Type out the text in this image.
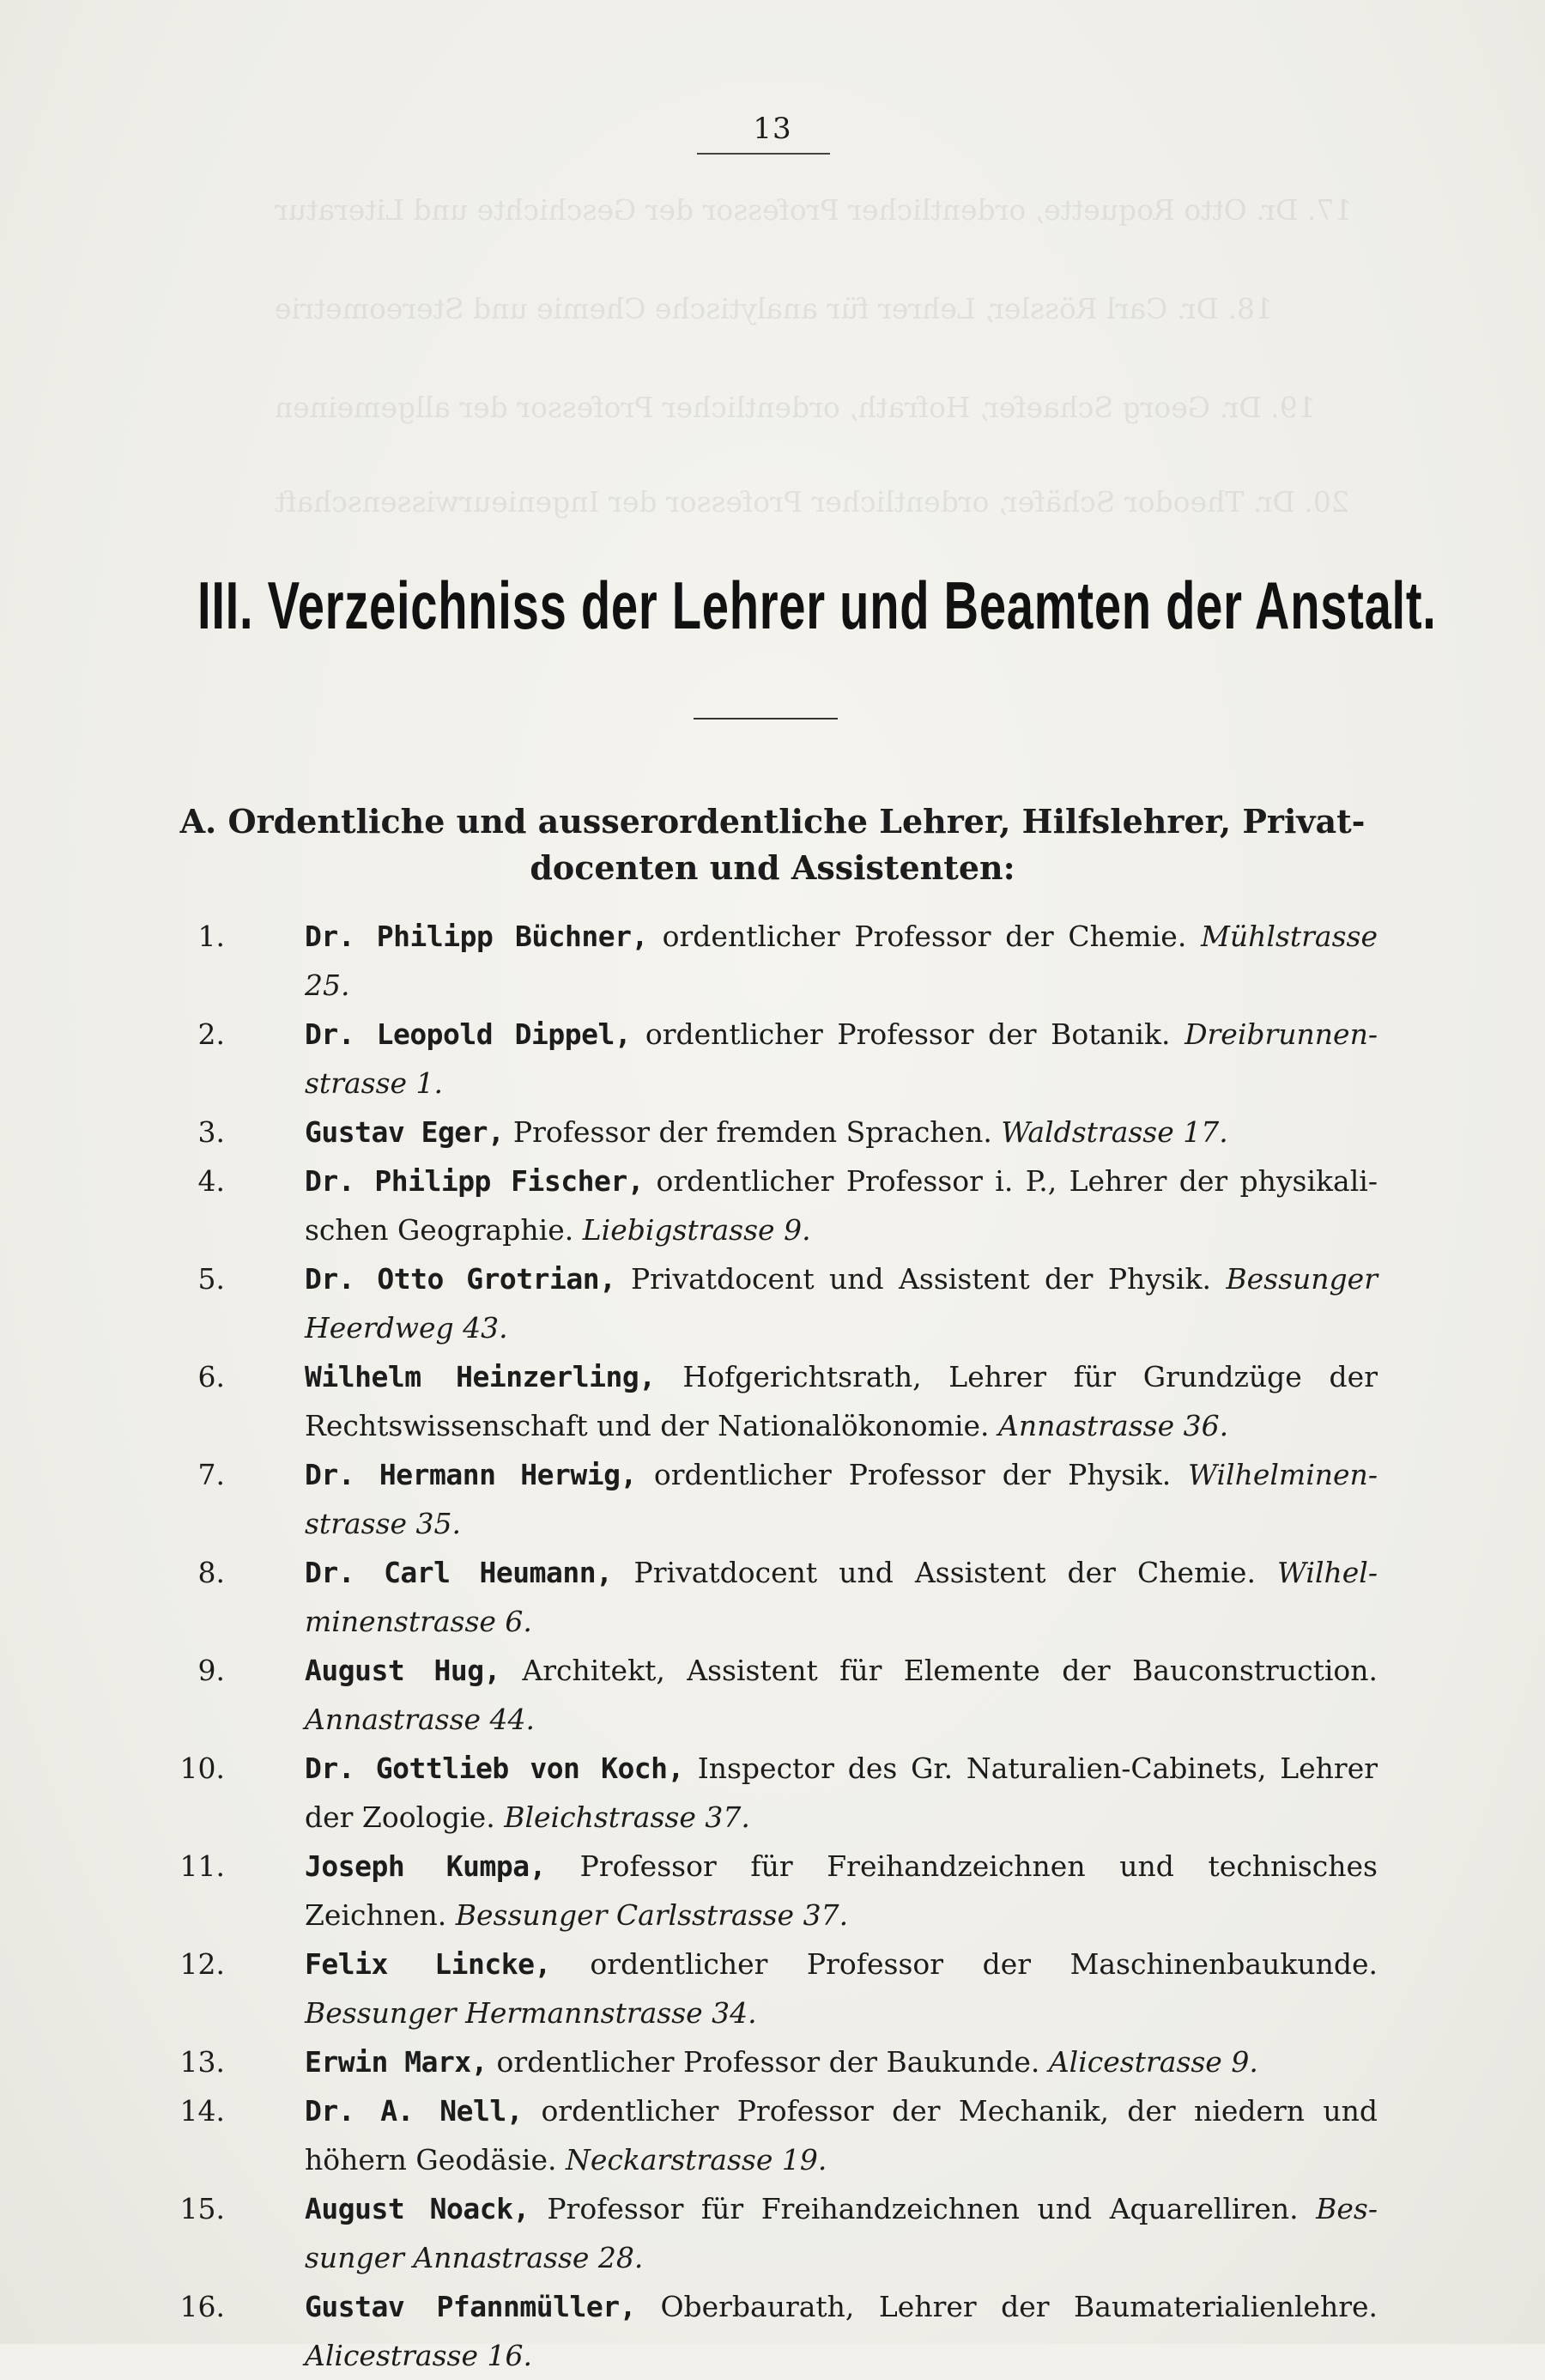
17. Dr. Otto Roquette, ordentlicher Professor der Geschichte und Literatur
18. Dr. Carl Rössler, Lehrer für analytische Chemie und Stereometrie
19. Dr. Georg Schaefer, Hofrath, ordentlicher Professor der allgemeinen
20. Dr. Theodor Schäfer, ordentlicher Professor der Ingenieurwissenschaft
13
III. Verzeichniss der Lehrer und Beamten der Anstalt.
A. Ordentliche und ausserordentliche Lehrer, Hilfslehrer, Privat-
docenten und Assistenten:
1.	Dr. Philipp Büchner, ordentlicher Professor der Chemie. Mühlstrasse 25.
2.	Dr. Leopold Dippel, ordentlicher Professor der Botanik. Dreibrunnenstrasse 1.
3.	Gustav Eger, Professor der fremden Sprachen. Waldstrasse 17.
4.	Dr. Philipp Fischer, ordentlicher Professor i. P., Lehrer der physikalischen Geographie. Liebigstrasse 9.
5.	Dr. Otto Grotrian, Privatdocent und Assistent der Physik. Bessunger Heerdweg 43.
6.	Wilhelm Heinzerling, Hofgerichtsrath, Lehrer für Grundzüge der Rechtswissenschaft und der Nationalökonomie. Annastrasse 36.
7.	Dr. Hermann Herwig, ordentlicher Professor der Physik. Wilhelminenstrasse 35.
8.	Dr. Carl Heumann, Privatdocent und Assistent der Chemie. Wilhelminenstrasse 6.
9.	August Hug, Architekt, Assistent für Elemente der Bauconstruction. Annastrasse 44.
10.	Dr. Gottlieb von Koch, Inspector des Gr. Naturalien-Cabinets, Lehrer der Zoologie. Bleichstrasse 37.
11.	Joseph Kumpa, Professor für Freihandzeichnen und technisches Zeichnen. Bessunger Carlsstrasse 37.
12.	Felix Lincke, ordentlicher Professor der Maschinenbaukunde. Bessunger Hermannstrasse 34.
13.	Erwin Marx, ordentlicher Professor der Baukunde. Alicestrasse 9.
14.	Dr. A. Nell, ordentlicher Professor der Mechanik, der niedern und höhern Geodäsie. Neckarstrasse 19.
15.	August Noack, Professor für Freihandzeichnen und Aquarelliren. Bessunger Annastrasse 28.
16.	Gustav Pfannmüller, Oberbaurath, Lehrer der Baumaterialienlehre. Alicestrasse 16.
